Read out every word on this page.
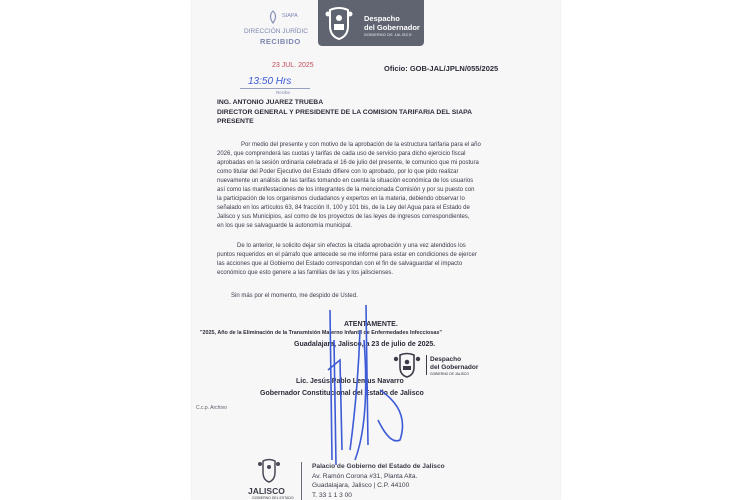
Despacho
del Gobernador
GOBIERNO DE JALISCO
SIAPA
DIRECCIÓN JURÍDIC
RECIBIDO
23 JUL. 2025
13:50 Hrs
Recibe
Oficio: GOB-JAL/JPLN/055/2025
ING. ANTONIO JUAREZ TRUEBA
DIRECTOR GENERAL Y PRESIDENTE DE LA COMISION TARIFARIA DEL SIAPA
PRESENTE
Por medio del presente y con motivo de la aprobación de la estructura tarifaria para el año
2026, que comprenderá las cuotas y tarifas de cada uso de servicio para dicho ejercicio fiscal
aprobadas en la sesión ordinaria celebrada el 16 de julio del presente, le comunico que mi postura
como titular del Poder Ejecutivo del Estado difiere con lo aprobado, por lo que pido realizar
nuevamente un análisis de las tarifas tomando en cuenta la situación económica de los usuarios
así como las manifestaciones de los integrantes de la mencionada Comisión y por su puesto con
la participación de los organismos ciudadanos y expertos en la materia, debiendo observar lo
señalado en los artículos 63, 84 fracción II, 100 y 101 bis, de la Ley del Agua para el Estado de
Jalisco y sus Municipios, así como de los proyectos de las leyes de ingresos correspondientes,
en los que se salvaguarde la autonomía municipal.
De lo anterior, le solicito dejar sin efectos la citada aprobación y una vez atendidos los
puntos requeridos en el párrafo que antecede se me informe para estar en condiciones de ejercer
las acciones que al Gobierno del Estado correspondan con el fin de salvaguardar el impacto
económico que esto genere a las familias de las y los jaliscienses.
Sin más por el momento, me despido de Usted.
ATENTAMENTE.
"2025, Año de la Eliminación de la Transmisión Materno Infantil de Enfermedades Infecciosas"
Guadalajara, Jalisco, a 23 de julio de 2025.
Despacho
del Gobernador
GOBIERNO DE JALISCO
Lic. Jesús Pablo Lemus Navarro
Gobernador Constitucional del Estado de Jalisco
C.c.p. Archivo
JALISCO
GOBIERNO DEL ESTADO
Palacio de Gobierno del Estado de Jalisco
Av. Ramón Corona #31, Planta Alta.
Guadalajara, Jalisco | C.P. 44100
T. 33 1 1 3 00
